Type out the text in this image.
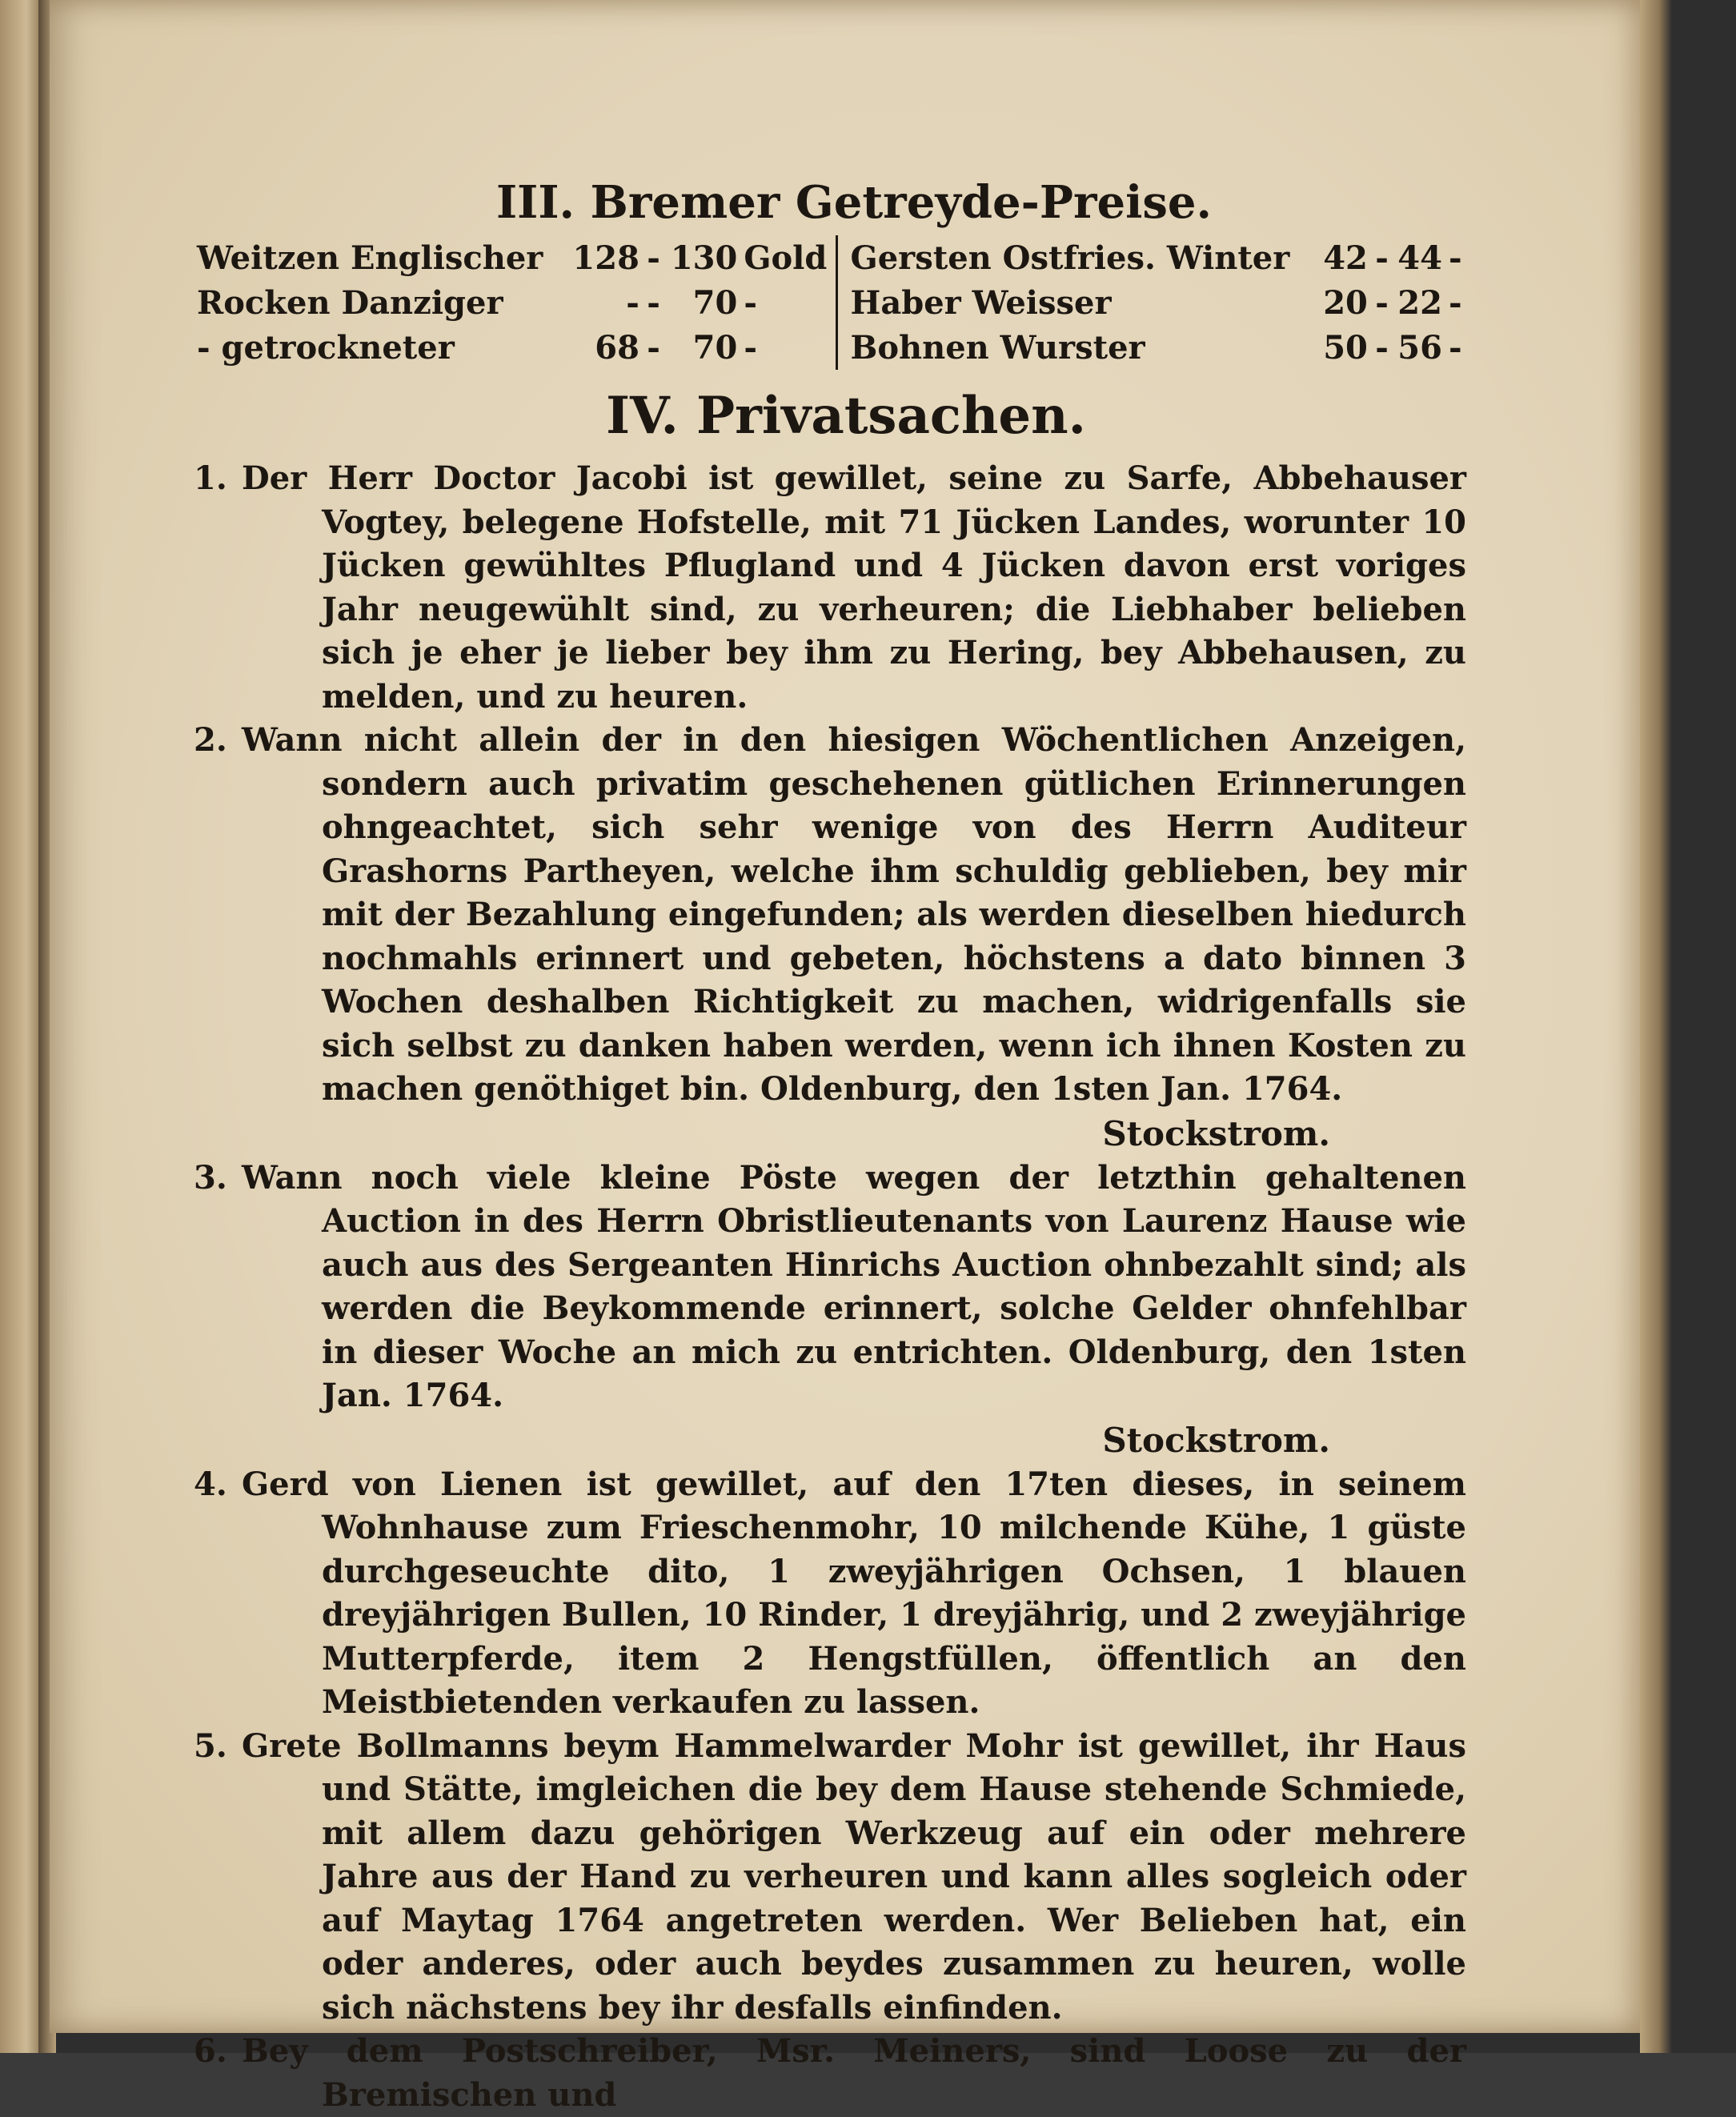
III. Bremer Getreyde-Preise.
Weitzen Englischer	128	-	130	Gold		Gersten Ostfries. Winter	42	-	44	-
Rocken Danziger	-	-	70	-		Haber Weisser	20	-	22	-
- getrockneter	68	-	70	-		Bohnen Wurster	50	-	56	-
IV. Privatsachen.
1. Der Herr Doctor Jacobi ist gewillet, seine zu Sarfe, Abbehauser Vogtey, belegene Hofstelle, mit 71 Jücken Landes, worunter 10 Jücken gewühltes Pflugland und 4 Jücken davon erst voriges Jahr neugewühlt sind, zu verheuren; die Liebhaber belieben sich je eher je lieber bey ihm zu Hering, bey Abbehausen, zu melden, und zu heuren.
2. Wann nicht allein der in den hiesigen Wöchentlichen Anzeigen, sondern auch privatim geschehenen gütlichen Erinnerungen ohngeachtet, sich sehr wenige von des Herrn Auditeur Grashorns Partheyen, welche ihm schuldig geblieben, bey mir mit der Bezahlung eingefunden; als werden dieselben hiedurch nochmahls erinnert und gebeten, höchstens a dato binnen 3 Wochen deshalben Richtigkeit zu machen, widrigenfalls sie sich selbst zu danken haben werden, wenn ich ihnen Kosten zu machen genöthiget bin. Oldenburg, den 1sten Jan. 1764.
Stockstrom.
3. Wann noch viele kleine Pöste wegen der letzthin gehaltenen Auction in des Herrn Obristlieutenants von Laurenz Hause wie auch aus des Sergeanten Hinrichs Auction ohnbezahlt sind; als werden die Beykommende erinnert, solche Gelder ohnfehlbar in dieser Woche an mich zu entrichten. Oldenburg, den 1sten Jan. 1764.
Stockstrom.
4. Gerd von Lienen ist gewillet, auf den 17ten dieses, in seinem Wohnhause zum Frieschenmohr, 10 milchende Kühe, 1 güste durchgeseuchte dito, 1 zweyjährigen Ochsen, 1 blauen dreyjährigen Bullen, 10 Rinder, 1 dreyjährig, und 2 zweyjährige Mutterpferde, item 2 Hengstfüllen, öffentlich an den Meistbietenden verkaufen zu lassen.
5. Grete Bollmanns beym Hammelwarder Mohr ist gewillet, ihr Haus und Stätte, imgleichen die bey dem Hause stehende Schmiede, mit allem dazu gehörigen Werkzeug auf ein oder mehrere Jahre aus der Hand zu verheuren und kann alles sogleich oder auf Maytag 1764 angetreten werden. Wer Belieben hat, ein oder anderes, oder auch beydes zusammen zu heuren, wolle sich nächstens bey ihr desfalls einfinden.
6. Bey dem Postschreiber, Msr. Meiners, sind Loose zu der Bremischen und
